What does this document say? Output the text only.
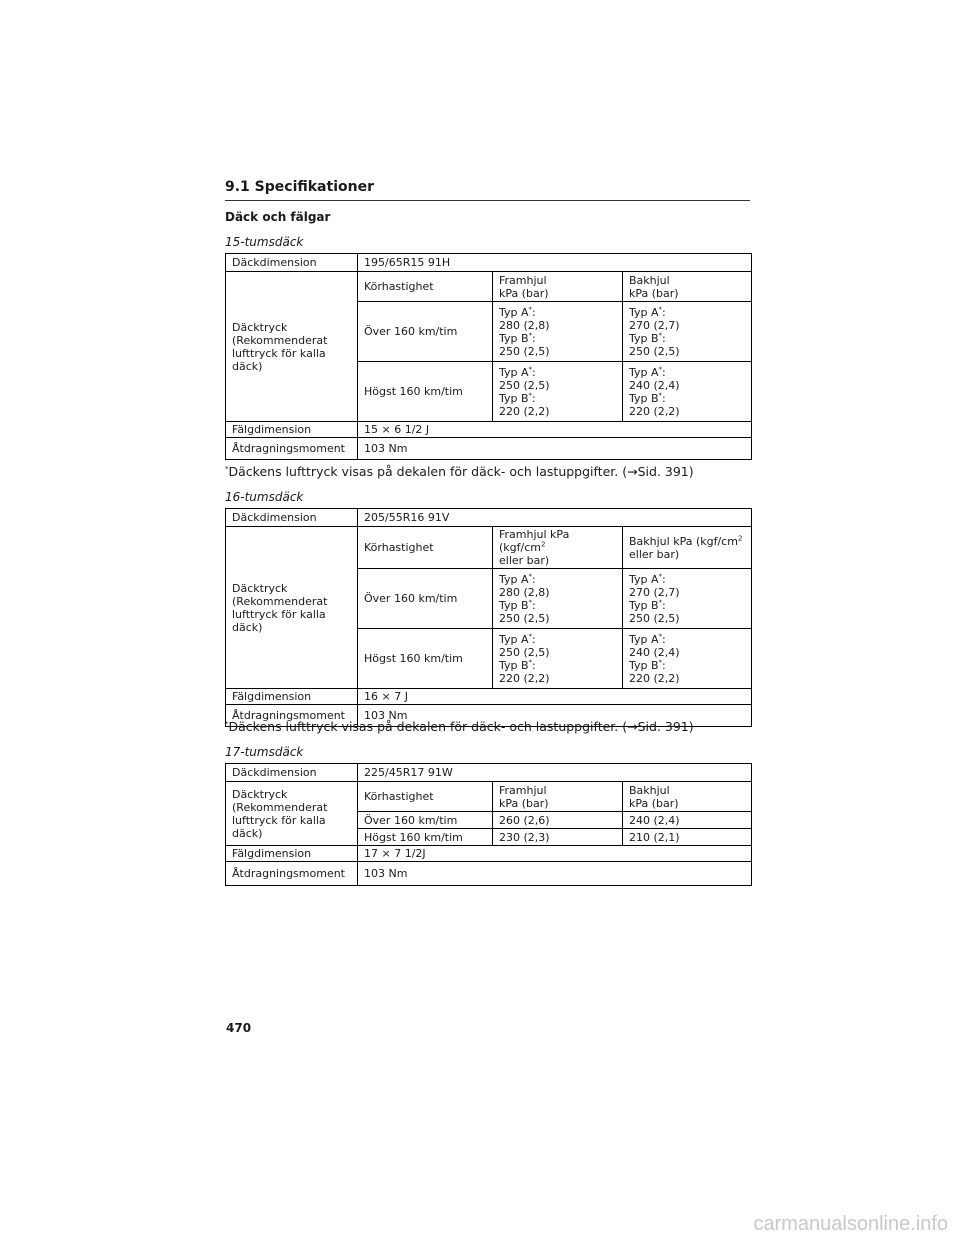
9.1 Specifikationer
Däck och fälgar
15-tumsdäck
Däckdimension	195/65R15 91H		
Däcktryck (Rekommenderat lufttryck för kalla däck)	Körhastighet	Framhjul
kPa (bar)	Bakhjul
kPa (bar)
	Över 160 km/tim	Typ A*:
280 (2,8)
Typ B*:
250 (2,5)	Typ A*:
270 (2,7)
Typ B*:
250 (2,5)
	Högst 160 km/tim	Typ A*:
250 (2,5)
Typ B*:
220 (2,2)	Typ A*:
240 (2,4)
Typ B*:
220 (2,2)
Fälgdimension	15 × 6 1/2 J		
Åtdragningsmoment	103 Nm		
*Däckens lufttryck visas på dekalen för däck- och lastuppgifter. (→Sid. 391)
16-tumsdäck
Däckdimension	205/55R16 91V		
Däcktryck (Rekommenderat lufttryck för kalla däck)	Körhastighet	Framhjul kPa ($kgf/cm^2$
eller bar)	Bakhjul kPa ($kgf/cm^2$
eller bar)
	Över 160 km/tim	Typ A*:
280 (2,8)
Typ B*:
250 (2,5)	Typ A*:
270 (2,7)
Typ B*:
250 (2,5)
	Högst 160 km/tim	Typ A*:
250 (2,5)
Typ B*:
220 (2,2)	Typ A*:
240 (2,4)
Typ B*:
220 (2,2)
Fälgdimension	16 × 7 J		
Åtdragningsmoment	103 Nm		
*Däckens lufttryck visas på dekalen för däck- och lastuppgifter. (→Sid. 391)
17-tumsdäck
Däckdimension	225/45R17 91W		
Däcktryck (Rekommenderat lufttryck för kalla däck)	Körhastighet	Framhjul
kPa (bar)	Bakhjul
kPa (bar)
	Över 160 km/tim	260 (2,6)	240 (2,4)
	Högst 160 km/tim	230 (2,3)	210 (2,1)
Fälgdimension	17 × 7 1/2J		
Åtdragningsmoment	103 Nm		
470
carmanualsonline.info
